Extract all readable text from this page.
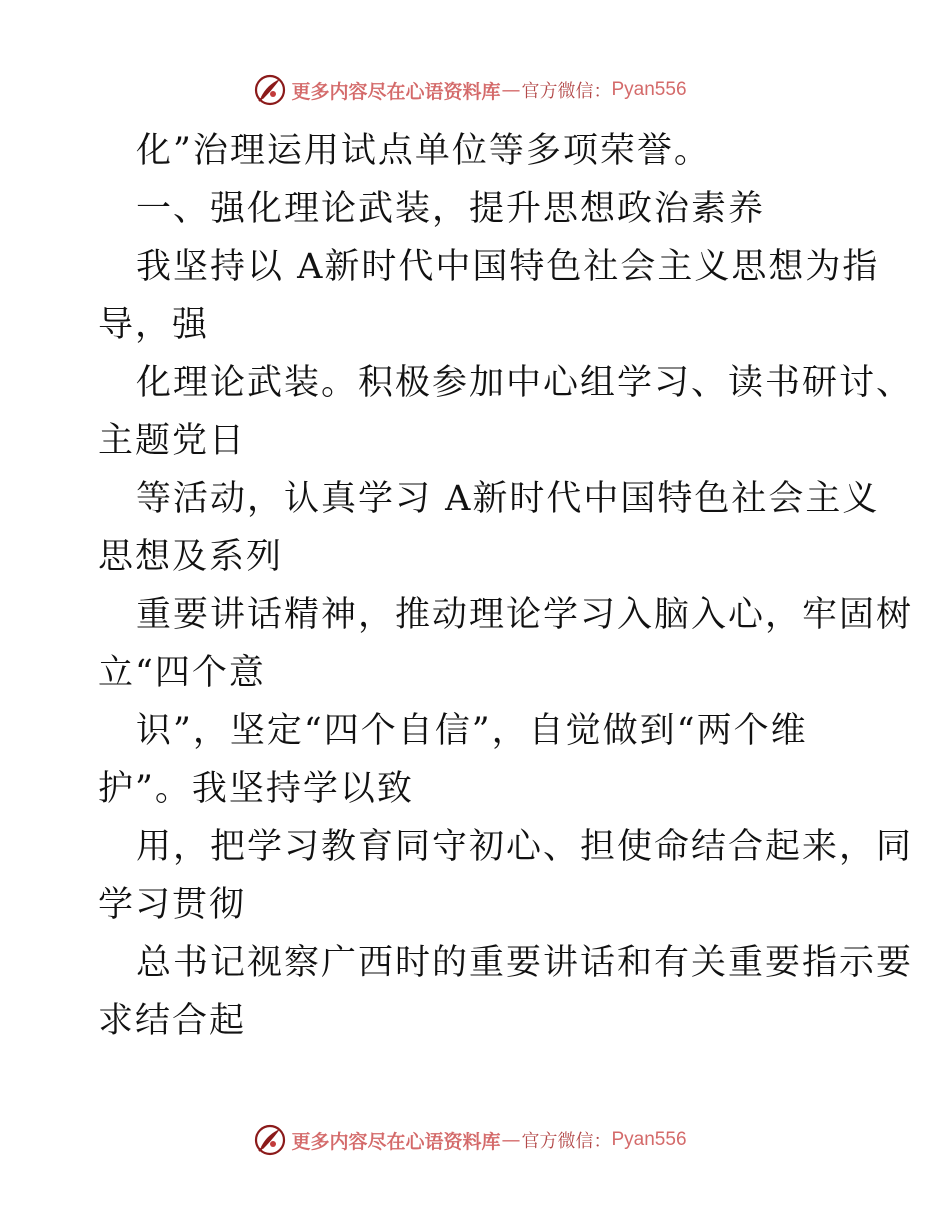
更多内容尽在心语资料库 — 官方微信： Pyan556
化”治理运用试点单位等多项荣誉。
一、强化理论武装，提升思想政治素养
我坚持以 A新时代中国特色社会主义思想为指
导，强
化理论武装。积极参加中心组学习、读书研讨、
主题党日
等活动，认真学习 A新时代中国特色社会主义
思想及系列
重要讲话精神，推动理论学习入脑入心，牢固树
立“四个意
识”，坚定“四个自信”，自觉做到“两个维
护”。我坚持学以致
用，把学习教育同守初心、担使命结合起来，同
学习贯彻
总书记视察广西时的重要讲话和有关重要指示要
求结合起
更多内容尽在心语资料库 — 官方微信： Pyan556
